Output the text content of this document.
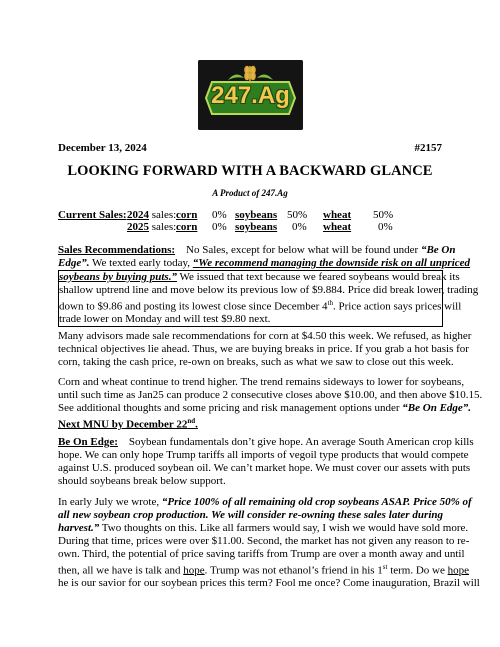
247.Ag
December 13, 2024	#2157
LOOKING FORWARD WITH A BACKWARD GLANCE
A Product of 247.Ag
Current Sales: 2024 sales: corn 0% soybeans 50% wheat 50%
2025 sales: corn 0% soybeans 0% wheat 0%
Sales Recommendations: No Sales, except for below what will be found under “Be On
Edge”. We texted early today, “We recommend managing the downside risk on all unpriced
soybeans by buying puts.” We issued that text because we feared soybeans would break its
shallow uptrend line and move below its previous low of $9.884. Price did break lower, trading
down to $9.86 and posting its lowest close since December 4th. Price action says prices will
trade lower on Monday and will test $9.80 next.
Many advisors made sale recommendations for corn at $4.50 this week. We refused, as higher
technical objectives lie ahead. Thus, we are buying breaks in price. If you grab a hot basis for
corn, taking the cash price, re-own on breaks, such as what we saw to close out this week.
Corn and wheat continue to trend higher. The trend remains sideways to lower for soybeans,
until such time as Jan25 can produce 2 consecutive closes above $10.00, and then above $10.15.
See additional thoughts and some pricing and risk management options under “Be On Edge”.
Next MNU by December 22nd.
Be On Edge: Soybean fundamentals don’t give hope. An average South American crop kills
hope. We can only hope Trump tariffs all imports of vegoil type products that would compete
against U.S. produced soybean oil. We can’t market hope. We must cover our assets with puts
should soybeans break below support.
In early July we wrote, “Price 100% of all remaining old crop soybeans ASAP. Price 50% of
all new soybean crop production. We will consider re-owning these sales later during
harvest.” Two thoughts on this. Like all farmers would say, I wish we would have sold more.
During that time, prices were over $11.00. Second, the market has not given any reason to re-
own. Third, the potential of price saving tariffs from Trump are over a month away and until
then, all we have is talk and hope. Trump was not ethanol’s friend in his 1st term. Do we hope
he is our savior for our soybean prices this term? Fool me once? Come inauguration, Brazil will
